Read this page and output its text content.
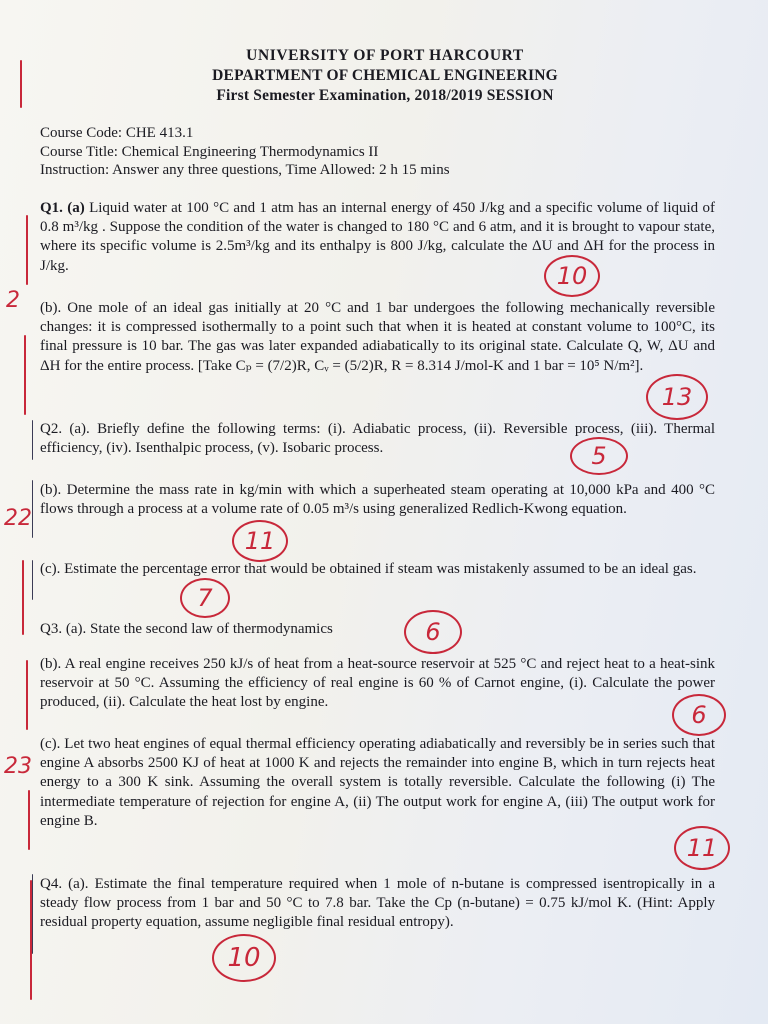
UNIVERSITY OF PORT HARCOURT
DEPARTMENT OF CHEMICAL ENGINEERING
First Semester Examination, 2018/2019 SESSION
Course Code: CHE 413.1
Course Title: Chemical Engineering Thermodynamics II
Instruction: Answer any three questions, Time Allowed: 2 h 15 mins
Q1. (a) Liquid water at 100 °C and 1 atm has an internal energy of 450 J/kg and a specific volume of liquid of 0.8 m³/kg . Suppose the condition of the water is changed to 180 °C and 6 atm, and it is brought to vapour state, where its specific volume is 2.5m³/kg and its enthalpy is 800 J/kg, calculate the ΔU and ΔH for the process in J/kg.
(b). One mole of an ideal gas initially at 20 °C and 1 bar undergoes the following mechanically reversible changes: it is compressed isothermally to a point such that when it is heated at constant volume to 100°C, its final pressure is 10 bar. The gas was later expanded adiabatically to its original state. Calculate Q, W, ΔU and ΔH for the entire process. [Take Cₚ = (7/2)R, Cᵥ = (5/2)R, R = 8.314 J/mol-K and 1 bar = 10⁵ N/m²].
Q2. (a). Briefly define the following terms: (i). Adiabatic process, (ii). Reversible process, (iii). Thermal efficiency, (iv). Isenthalpic process, (v). Isobaric process.
(b). Determine the mass rate in kg/min with which a superheated steam operating at 10,000 kPa and 400 °C flows through a process at a volume rate of 0.05 m³/s using generalized Redlich-Kwong equation.
(c). Estimate the percentage error that would be obtained if steam was mistakenly assumed to be an ideal gas.
Q3. (a). State the second law of thermodynamics
(b). A real engine receives 250 kJ/s of heat from a heat-source reservoir at 525 °C and reject heat to a heat-sink reservoir at 50 °C. Assuming the efficiency of real engine is 60 % of Carnot engine, (i). Calculate the power produced, (ii). Calculate the heat lost by engine.
(c). Let two heat engines of equal thermal efficiency operating adiabatically and reversibly be in series such that engine A absorbs 2500 KJ of heat at 1000 K and rejects the remainder into engine B, which in turn rejects heat energy to a 300 K sink. Assuming the overall system is totally reversible. Calculate the following (i) The intermediate temperature of rejection for engine A, (ii) The output work for engine A, (iii) The output work for engine B.
Q4. (a). Estimate the final temperature required when 1 mole of n-butane is compressed isentropically in a steady flow process from 1 bar and 50 °C to 7.8 bar. Take the Cp (n-butane) = 0.75 kJ/mol K. (Hint: Apply residual property equation, assume negligible final residual entropy).
2
22
23
10
13
5
11
7
6
6
11
10
